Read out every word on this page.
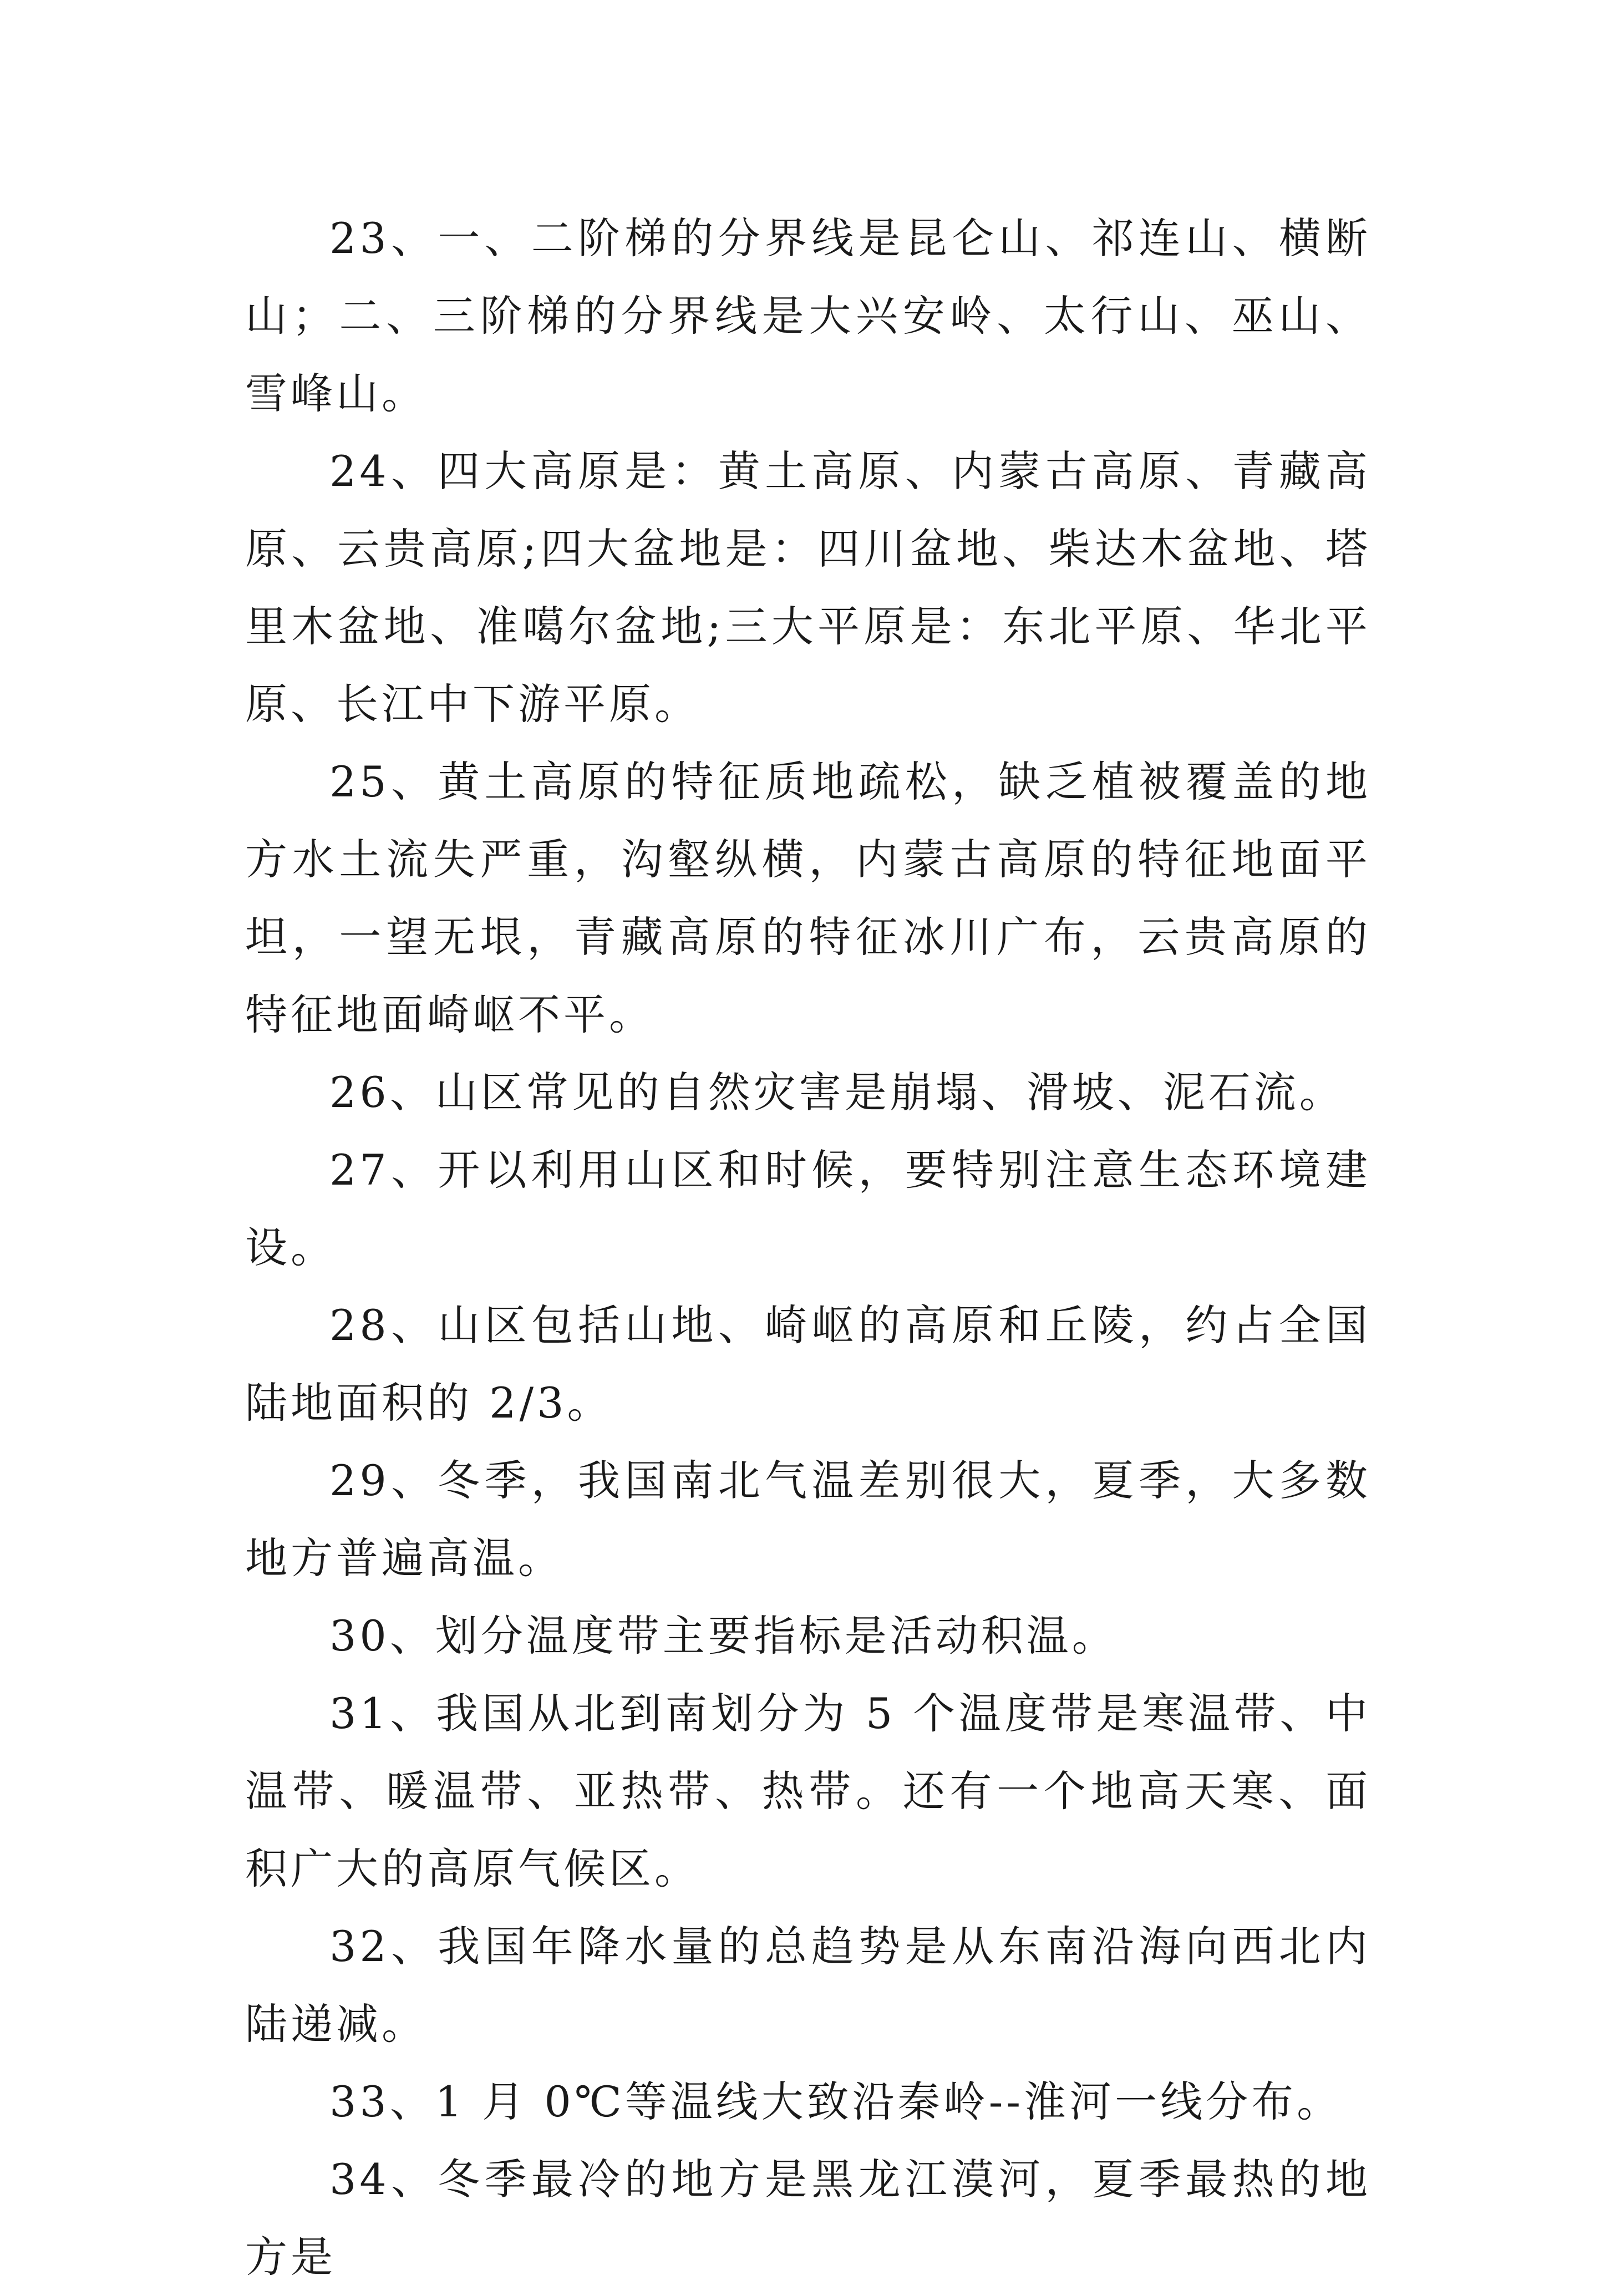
23、一、二阶梯的分界线是昆仑山、祁连山、横断山；二、三阶梯的分界线是大兴安岭、太行山、巫山、雪峰山。

24、四大高原是：黄土高原、内蒙古高原、青藏高原、云贵高原;四大盆地是：四川盆地、柴达木盆地、塔里木盆地、准噶尔盆地;三大平原是：东北平原、华北平原、长江中下游平原。

25、黄土高原的特征质地疏松，缺乏植被覆盖的地方水土流失严重，沟壑纵横，内蒙古高原的特征地面平坦，一望无垠，青藏高原的特征冰川广布，云贵高原的特征地面崎岖不平。

26、山区常见的自然灾害是崩塌、滑坡、泥石流。

27、开以利用山区和时候，要特别注意生态环境建设。

28、山区包括山地、崎岖的高原和丘陵，约占全国陆地面积的 2/3。

29、冬季，我国南北气温差别很大，夏季，大多数地方普遍高温。

30、划分温度带主要指标是活动积温。

31、我国从北到南划分为 5 个温度带是寒温带、中温带、暖温带、亚热带、热带。还有一个地高天寒、面积广大的高原气候区。

32、我国年降水量的总趋势是从东南沿海向西北内陆递减。

33、1 月 0℃等温线大致沿秦岭--淮河一线分布。

34、冬季最冷的地方是黑龙江漠河，夏季最热的地方是
